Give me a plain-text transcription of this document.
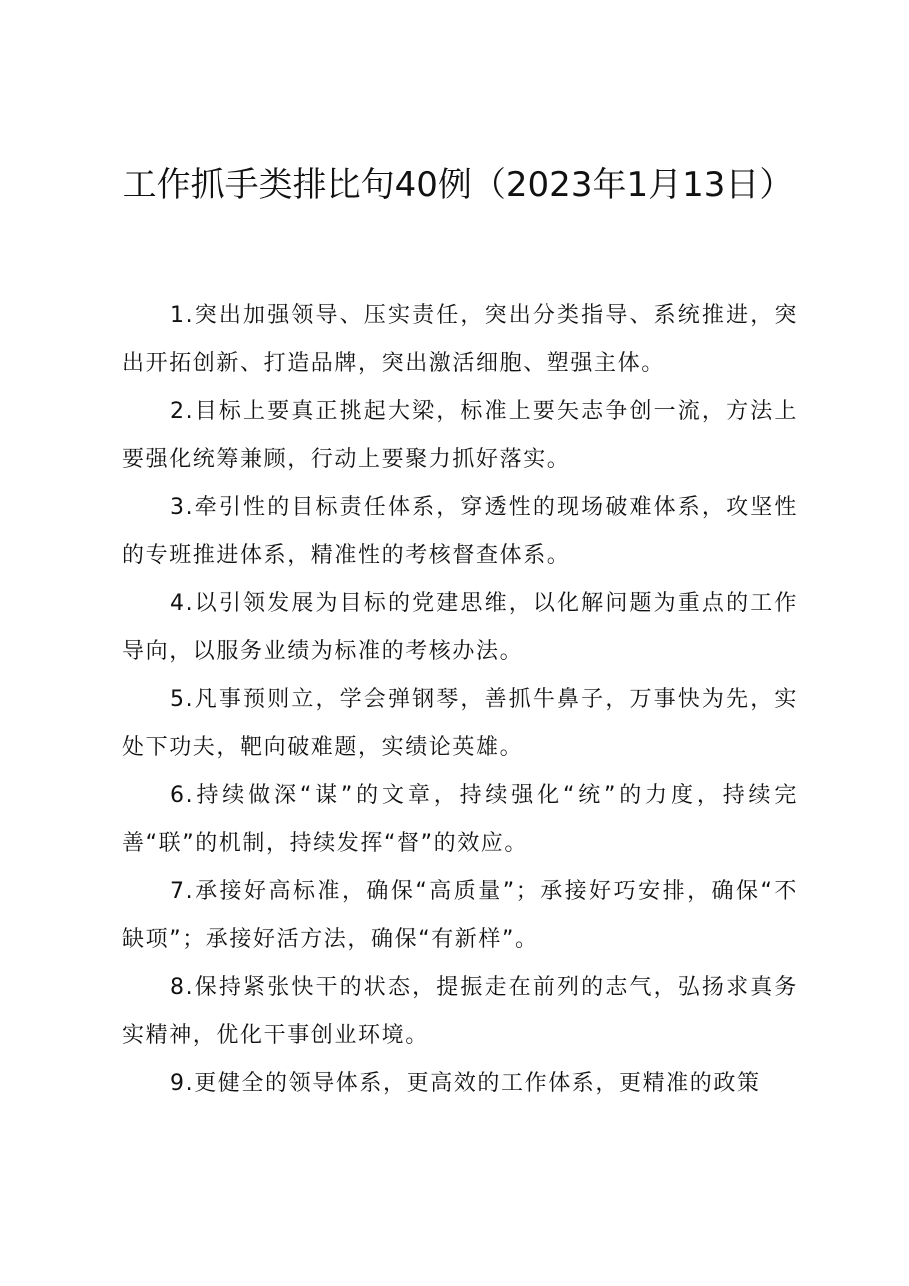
工作抓手类排比句40例（2023年1月13日）

1.突出加强领导、压实责任，突出分类指导、系统推进，突出开拓创新、打造品牌，突出激活细胞、塑强主体。

2.目标上要真正挑起大梁，标准上要矢志争创一流，方法上要强化统筹兼顾，行动上要聚力抓好落实。

3.牵引性的目标责任体系，穿透性的现场破难体系，攻坚性的专班推进体系，精准性的考核督查体系。

4.以引领发展为目标的党建思维，以化解问题为重点的工作导向，以服务业绩为标准的考核办法。

5.凡事预则立，学会弹钢琴，善抓牛鼻子，万事快为先，实处下功夫，靶向破难题，实绩论英雄。

6.持续做深“谋”的文章，持续强化“统”的力度，持续完善“联”的机制，持续发挥“督”的效应。

7.承接好高标准，确保“高质量”；承接好巧安排，确保“不缺项”；承接好活方法，确保“有新样”。

8.保持紧张快干的状态，提振走在前列的志气，弘扬求真务实精神，优化干事创业环境。

9.更健全的领导体系，更高效的工作体系，更精准的政策
